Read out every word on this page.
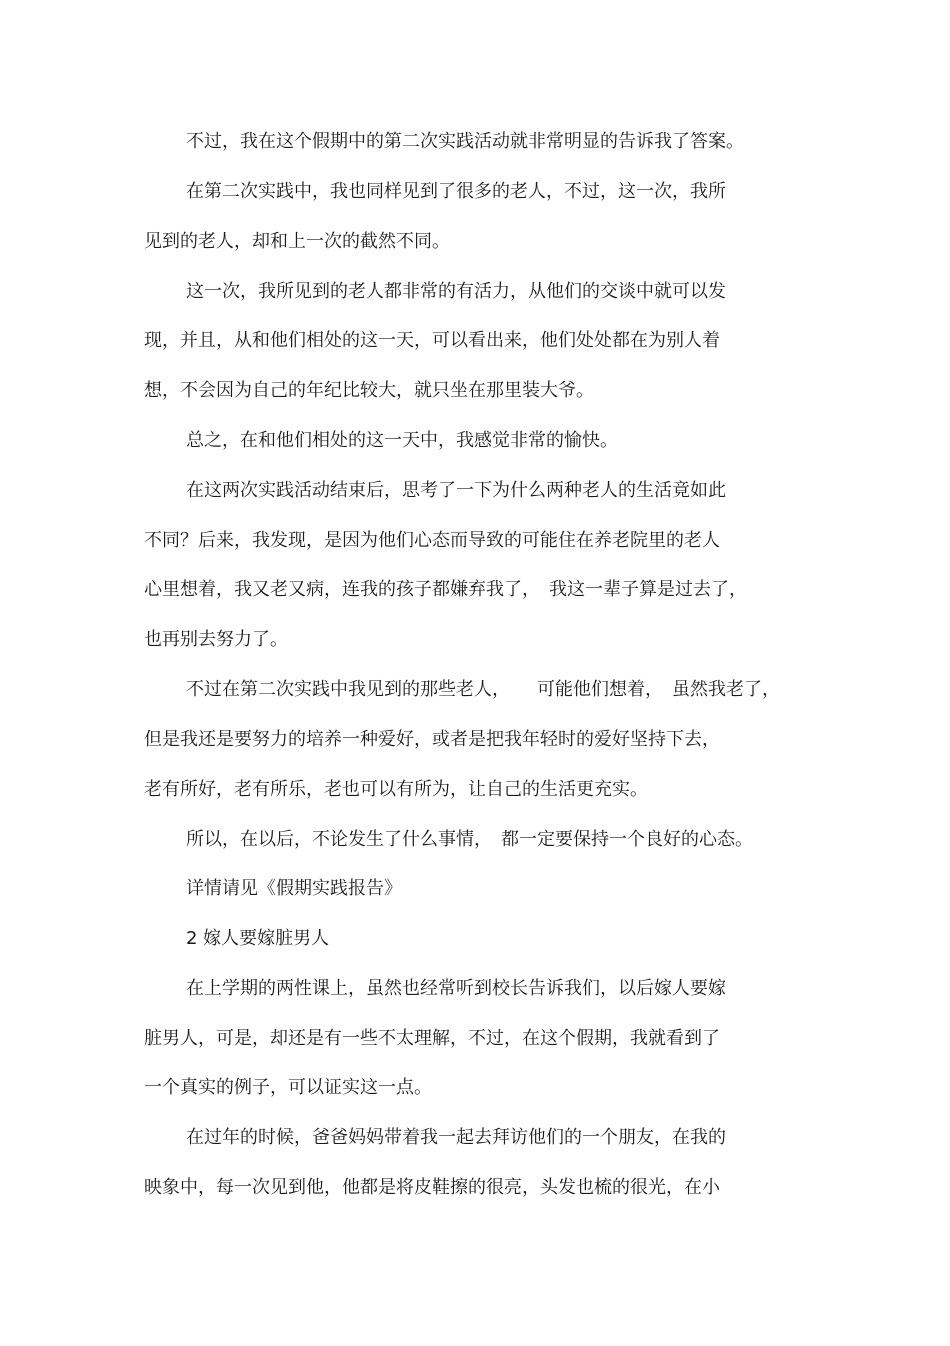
不过，我在这个假期中的第二次实践活动就非常明显的告诉我了答案。
在第二次实践中，我也同样见到了很多的老人，不过，这一次，我所
见到的老人，却和上一次的截然不同。
这一次，我所见到的老人都非常的有活力，从他们的交谈中就可以发
现，并且，从和他们相处的这一天，可以看出来，他们处处都在为别人着
想，不会因为自己的年纪比较大，就只坐在那里装大爷。
总之，在和他们相处的这一天中，我感觉非常的愉快。
在这两次实践活动结束后，思考了一下为什么两种老人的生活竟如此
不同？后来，我发现，是因为他们心态而导致的可能住在养老院里的老人
心里想着，我又老又病，连我的孩子都嫌弃我了，　我这一辈子算是过去了，
也再别去努力了。
不过在第二次实践中我见到的那些老人，　　可能他们想着，　虽然我老了，
但是我还是要努力的培养一种爱好，或者是把我年轻时的爱好坚持下去，
老有所好，老有所乐，老也可以有所为，让自己的生活更充实。
所以，在以后，不论发生了什么事情，　都一定要保持一个良好的心态。
详情请见《假期实践报告》
2 嫁人要嫁脏男人
在上学期的两性课上，虽然也经常听到校长告诉我们，以后嫁人要嫁
脏男人，可是，却还是有一些不太理解，不过，在这个假期，我就看到了
一个真实的例子，可以证实这一点。
在过年的时候，爸爸妈妈带着我一起去拜访他们的一个朋友，在我的
映象中，每一次见到他，他都是将皮鞋擦的很亮，头发也梳的很光，在小
